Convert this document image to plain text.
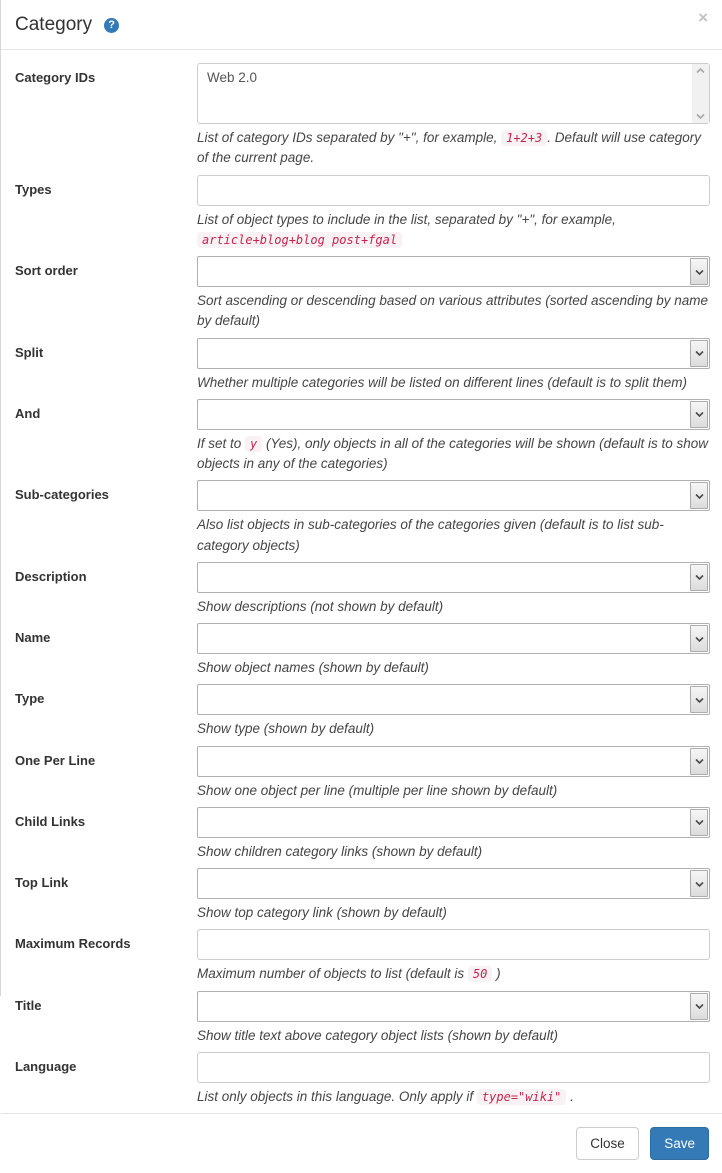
Category	?	×
Category IDs	Web 2.0
List of category IDs separated by "+", for example, 1+2+3 . Default will use category of the current page.
Types
List of object types to include in the list, separated by "+", for example, article+blog+blog post+fgal
Sort order
Sort ascending or descending based on various attributes (sorted ascending by name by default)
Split
Whether multiple categories will be listed on different lines (default is to split them)
And
If set to y (Yes), only objects in all of the categories will be shown (default is to show objects in any of the categories)
Sub-categories
Also list objects in sub-categories of the categories given (default is to list sub-category objects)
Description
Show descriptions (not shown by default)
Name
Show object names (shown by default)
Type
Show type (shown by default)
One Per Line
Show one object per line (multiple per line shown by default)
Child Links
Show children category links (shown by default)
Top Link
Show top category link (shown by default)
Maximum Records
Maximum number of objects to list (default is 50 )
Title
Show title text above category object lists (shown by default)
Language
List only objects in this language. Only apply if type="wiki" .
Close	Save
